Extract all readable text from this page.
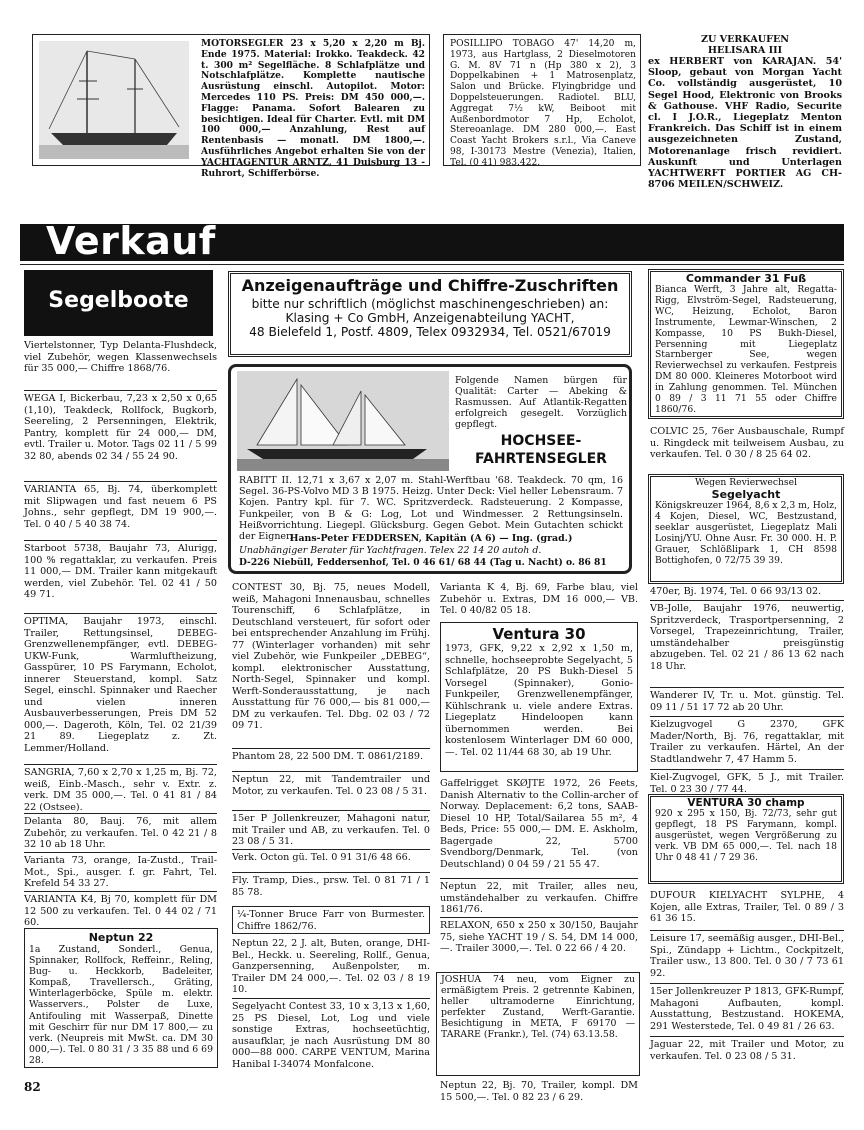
MOTORSEGLER 23 x 5,20 x 2,20 m Bj. Ende 1975. Material: Irokko. Teakdeck. 42 t. 300 m² Segelfläche. 8 Schlafplätze und Notschlafplätze. Komplette nautische Ausrüstung einschl. Autopilot. Motor: Mercedes 110 PS. Preis: DM 450 000,—. Flagge: Panama. Sofort Balearen zu besichtigen. Ideal für Charter. Evtl. mit DM 100 000,— Anzahlung, Rest auf Rentenbasis — monatl. DM 1800,—. Ausführliches Angebot erhalten Sie von der YACHTAGENTUR ARNTZ, 41 Duisburg 13 - Ruhrort, Schifferbörse.
POSILLIPO TOBAGO 47' 14,20 m, 1973, aus Hartglass, 2 Dieselmotoren G. M. 8V 71 n (Hp 380 x 2), 3 Doppelkabinen + 1 Matrosenplatz, Salon und Brücke. Flyingbridge und Doppelsteuerungen. Radiotel. BLU, Aggregat 7½ kW, Beiboot mit Außenbordmotor 7 Hp, Echolot, Stereoanlage. DM 280 000,—. East Coast Yacht Brokers s.r.l., Via Caneve 98, I-30173 Mestre (Venezia), Italien, Tel. (0 41) 983.422.
ZU VERKAUFEN
HELISARA III
ex HERBERT von KARAJAN. 54' Sloop, gebaut von Morgan Yacht Co. vollständig ausgerüstet, 10 Segel Hood, Elektronic von Brooks & Gathouse. VHF Radio, Securite cl. I J.O.R., Liegeplatz Menton Frankreich. Das Schiff ist in einem ausgezeichneten Zustand, Motorenanlage frisch revidiert. Auskunft und Unterlagen YACHTWERFT PORTIER AG CH-8706 MEILEN/SCHWEIZ.
Verkauf
Segelboote
Viertelstonner, Typ Delanta-Flushdeck, viel Zubehör, wegen Klassenwechsels für 35 000,— Chiffre 1868/76.
WEGA I, Bickerbau, 7,23 x 2,50 x 0,65 (1,10), Teakdeck, Rollfock, Bugkorb, Seereling, 2 Persenningen, Elektrik, Pantry, komplett für 24 000,— DM, evtl. Trailer u. Motor. Tags 02 11 / 5 99 32 80, abends 02 34 / 55 24 90.
VARIANTA 65, Bj. 74, überkomplett mit Slipwagen und fast neuem 6 PS Johns., sehr gepflegt, DM 19 900,—. Tel. 0 40 / 5 40 38 74.
Starboot 5738, Baujahr 73, Alurigg, 100 % regattaklar, zu verkaufen. Preis 11 000,— DM. Trailer kann mitgekauft werden, viel Zubehör. Tel. 02 41 / 50 49 71.
OPTIMA, Baujahr 1973, einschl. Trailer, Rettungsinsel, DEBEG-Grenzwellenempfänger, evtl. DEBEG-UKW-Funk, Warmluftheizung, Gasspürer, 10 PS Farymann, Echolot, innerer Steuerstand, kompl. Satz Segel, einschl. Spinnaker und Raecher und vielen inneren Ausbauverbesserungen, Preis DM 52 000,—. Dageroth, Köln, Tel. 02 21/39 21 89. Liegeplatz z. Zt. Lemmer/Holland.
SANGRIA, 7,60 x 2,70 x 1,25 m, Bj. 72, weiß, Einb.-Masch., sehr v. Extr. z. verk. DM 35 000,—. Tel. 0 41 81 / 84 22 (Ostsee).
Delanta 80, Bauj. 76, mit allem Zubehör, zu verkaufen. Tel. 0 42 21 / 8 32 10 ab 18 Uhr.
Varianta 73, orange, Ia-Zustd., Trail-Mot., Spi., ausger. f. gr. Fahrt, Tel. Krefeld 54 33 27.
VARIANTA K4, Bj 70, komplett für DM 12 500 zu verkaufen. Tel. 0 44 02 / 71 60.
Neptun 22
1a Zustand, Sonderl., Genua, Spinnaker, Rollfock, Reffeinr., Reling, Bug- u. Heckkorb, Badeleiter, Kompaß, Travellersch., Gräting, Winterlagerböcke, Spüle m. elektr. Wasservers., Polster de Luxe, Antifouling mit Wasserpaß, Dinette mit Geschirr für nur DM 17 800,— zu verk. (Neupreis mit MwSt. ca. DM 30 000,—). Tel. 0 80 31 / 3 35 88 und 6 69 28.
82
Anzeigenaufträge und Chiffre-Zuschriften
bitte nur schriftlich (möglichst maschinengeschrieben) an:
Klasing + Co GmbH, Anzeigenabteilung YACHT,
48 Bielefeld 1, Postf. 4809, Telex 0932934, Tel. 0521/67019
Folgende Namen bürgen für Qualität: Carter — Abeking & Rasmussen. Auf Atlantik-Regatten erfolgreich gesegelt. Vorzüglich gepflegt.
HOCHSEE-
FAHRTENSEGLER
RABITT II. 12,71 x 3,67 x 2,07 m. Stahl-Werftbau '68. Teakdeck. 70 qm, 16 Segel. 36-PS-Volvo MD 3 B 1975. Heizg. Unter Deck: Viel heller Lebensraum. 7 Kojen. Pantry kpl. für 7. WC. Spritzverdeck. Radsteuerung. 2 Kompasse, Funkpeiler, von B & G: Log, Lot und Windmesser. 2 Rettungsinseln. Heißvorrichtung. Liegepl. Glücksburg. Gegen Gebot. Mein Gutachten schickt der Eigner.
Hans-Peter FEDDERSEN, Kapitän (A 6) — Ing. (grad.)
Unabhängiger Berater für Yachtfragen. Telex 22 14 20 autoh d.
D-226 Niebüll, Feddersenhof, Tel. 0 46 61/ 68 44 (Tag u. Nacht) o. 86 81
CONTEST 30, Bj. 75, neues Modell, weiß, Mahagoni Innenausbau, schnelles Tourenschiff, 6 Schlafplätze, in Deutschland versteuert, für sofort oder bei entsprechender Anzahlung im Frühj. 77 (Winterlager vorhanden) mit sehr viel Zubehör, wie Funkpeiler „DEBEG“, kompl. elektronischer Ausstattung, North-Segel, Spinnaker und kompl. Werft-Sonderausstattung, je nach Ausstattung für 76 000,— bis 81 000,— DM zu verkaufen. Tel. Dbg. 02 03 / 72 09 71.
Phantom 28, 22 500 DM. T. 0861/2189.
Neptun 22, mit Tandemtrailer und Motor, zu verkaufen. Tel. 0 23 08 / 5 31.
15er P Jollenkreuzer, Mahagoni natur, mit Trailer und AB, zu verkaufen. Tel. 0 23 08 / 5 31.
Verk. Octon gü. Tel. 0 91 31/6 48 66.
Fly. Tramp, Dies., prsw. Tel. 0 81 71 / 1 85 78.
¼-Tonner Bruce Farr von Burmester. Chiffre 1862/76.
Neptun 22, 2 J. alt, Buten, orange, DHI-Bel., Heckk. u. Seereling, Rollf., Genua, Ganzpersenning, Außenpolster, m. Trailer DM 24 000,—. Tel. 02 03 / 8 19 10.
Segelyacht Contest 33, 10 x 3,13 x 1,60, 25 PS Diesel, Lot, Log und viele sonstige Extras, hochseetüchtig, ausaufklar, je nach Ausrüstung DM 80 000—88 000. CARPE VENTUM, Marina Hanibal I-34074 Monfalcone.
Varianta K 4, Bj. 69, Farbe blau, viel Zubehör u. Extras, DM 16 000,— VB. Tel. 0 40/82 05 18.
Ventura 30
1973, GFK, 9,22 x 2,92 x 1,50 m, schnelle, hochseeprobte Segelyacht, 5 Schlafplätze, 20 PS Bukh-Diesel 5 Vorsegel (Spinnaker), Gonio-Funkpeiler, Grenzwellenempfänger, Kühlschrank u. viele andere Extras. Liegeplatz Hindeloopen kann übernommen werden. Bei kostenlosem Winterlager DM 60 000,—. Tel. 02 11/44 68 30, ab 19 Uhr.
Gaffelrigget SKØJTE 1972, 26 Feets, Danish Alternativ to the Collin-archer of Norway. Deplacement: 6,2 tons, SAAB-Diesel 10 HP, Total/Sailarea 55 m², 4 Beds, Price: 55 000,— DM. E. Askholm, Bagergade 22, 5700 Svendborg/Denmark, Tel. (von Deutschland) 0 04 59 / 21 55 47.
Neptun 22, mit Trailer, alles neu, umständehalber zu verkaufen. Chiffre 1861/76.
RELAXON, 650 x 250 x 30/150, Baujahr 75, siehe YACHT 19 / S. 54, DM 14 000,—. Trailer 3000,—. Tel. 0 22 66 / 4 20.
JOSHUA 74 neu, vom Eigner zu ermäßigtem Preis. 2 getrennte Kabinen, heller ultramoderne Einrichtung, perfekter Zustand, Werft-Garantie. Besichtigung in META, F 69170 — TARARE (Frankr.), Tel. (74) 63.13.58.
Neptun 22, Bj. 70, Trailer, kompl. DM 15 500,—. Tel. 0 82 23 / 6 29.
Commander 31 Fuß
Bianca Werft, 3 Jahre alt, Regatta-Rigg, Elvström-Segel, Radsteuerung, WC, Heizung, Echolot, Baron Instrumente, Lewmar-Winschen, 2 Kompasse, 10 PS Bukh-Diesel, Persenning mit Liegeplatz Starnberger See, wegen Revierwechsel zu verkaufen. Festpreis DM 80 000. Kleineres Motorboot wird in Zahlung genommen. Tel. München 0 89 / 3 11 71 55 oder Chiffre 1860/76.
COLVIC 25, 76er Ausbauschale, Rumpf u. Ringdeck mit teilweisem Ausbau, zu verkaufen. Tel. 0 30 / 8 25 64 02.
Wegen Revierwechsel
Segelyacht
Königskreuzer 1964, 8,6 x 2,3 m, Holz, 4 Kojen, Diesel, WC, Bestzustand, seeklar ausgerüstet, Liegeplatz Mali Losinj/YU. Ohne Ausr. Fr. 30 000. H. P. Grauer, Schlößlipark 1, CH 8598 Bottighofen, 0 72/75 39 39.
470er, Bj. 1974, Tel. 0 66 93/13 02.
VB-Jolle, Baujahr 1976, neuwertig, Spritzverdeck, Trasportpersenning, 2 Vorsegel, Trapezeinrichtung, Trailer, umständehalber preisgünstig abzugeben. Tel. 02 21 / 86 13 62 nach 18 Uhr.
Wanderer IV, Tr. u. Mot. günstig. Tel. 09 11 / 51 17 72 ab 20 Uhr.
Kielzugvogel G 2370, GFK Mader/North, Bj. 76, regattaklar, mit Trailer zu verkaufen. Härtel, An der Stadtlandwehr 7, 47 Hamm 5.
Kiel-Zugvogel, GFK, 5 J., mit Trailer. Tel. 0 23 30 / 77 44.
VENTURA 30 champ
920 x 295 x 150, Bj. 72/73, sehr gut gepflegt, 18 PS Farymann, kompl. ausgerüstet, wegen Vergrößerung zu verk. VB DM 65 000,—. Tel. nach 18 Uhr 0 48 41 / 7 29 36.
DUFOUR KIELYACHT SYLPHE, 4 Kojen, alle Extras, Trailer, Tel. 0 89 / 3 61 36 15.
Leisure 17, seemäßig ausger., DHI-Bel., Spi., Zündapp + Lichtm., Cockpitzelt, Trailer usw., 13 800. Tel. 0 30 / 7 73 61 92.
15er Jollenkreuzer P 1813, GFK-Rumpf, Mahagoni Aufbauten, kompl. Ausstattung, Bestzustand. HOKEMA, 291 Westerstede, Tel. 0 49 81 / 26 63.
Jaguar 22, mit Trailer und Motor, zu verkaufen. Tel. 0 23 08 / 5 31.
